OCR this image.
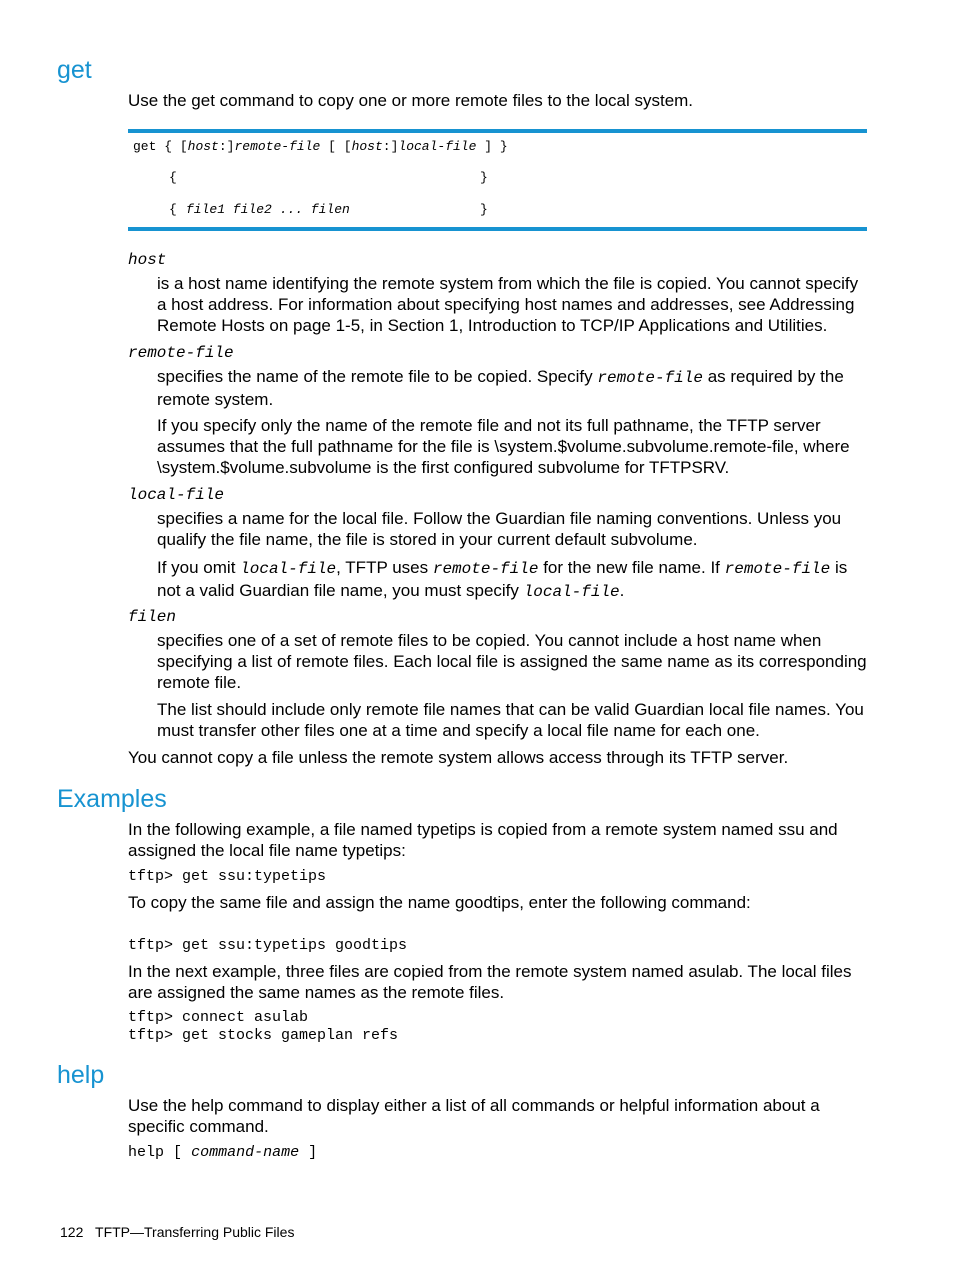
get
Use the get command to copy one or more remote files to the local system.
get { [host:]remote-file [ [host:]local-file ] }
{	}
{ file1 file2 ... filen	}
host
is a host name identifying the remote system from which the file is copied. You cannot specify a host address. For information about specifying host names and addresses, see Addressing Remote Hosts on page 1-5, in Section 1, Introduction to TCP/IP Applications and Utilities.
remote-file
specifies the name of the remote file to be copied. Specify remote-file as required by the remote system.
If you specify only the name of the remote file and not its full pathname, the TFTP server assumes that the full pathname for the file is \system.$volume.subvolume.remote-file, where \system.$volume.subvolume is the first configured subvolume for TFTPSRV.
local-file
specifies a name for the local file. Follow the Guardian file naming conventions. Unless you qualify the file name, the file is stored in your current default subvolume.
If you omit local-file, TFTP uses remote-file for the new file name. If remote-file is not a valid Guardian file name, you must specify local-file.
filen
specifies one of a set of remote files to be copied. You cannot include a host name when specifying a list of remote files. Each local file is assigned the same name as its corresponding remote file.
The list should include only remote file names that can be valid Guardian local file names. You must transfer other files one at a time and specify a local file name for each one.
You cannot copy a file unless the remote system allows access through its TFTP server.
Examples
In the following example, a file named typetips is copied from a remote system named ssu and assigned the local file name typetips:
tftp> get ssu:typetips
To copy the same file and assign the name goodtips, enter the following command:
tftp> get ssu:typetips goodtips
In the next example, three files are copied from the remote system named asulab. The local files are assigned the same names as the remote files.
tftp> connect asulab
tftp> get stocks gameplan refs
help
Use the help command to display either a list of all commands or helpful information about a specific command.
help [ command-name ]
122 TFTP—Transferring Public Files
